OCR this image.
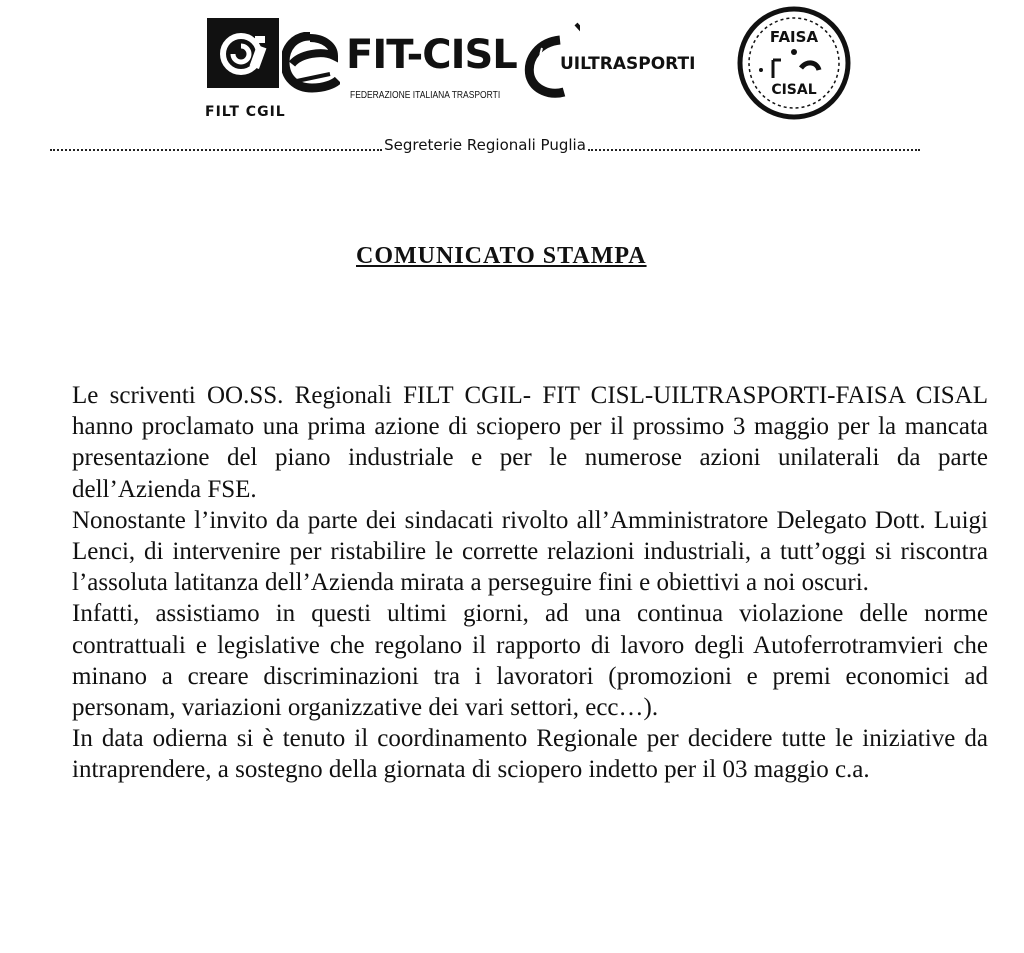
FILT CGIL
FIT-CISL
FEDERAZIONE ITALIANA TRASPORTI
UILTRASPORTI
FAISA
CISAL
Segreterie Regionali Puglia
COMUNICATO STAMPA

Le scriventi OO.SS. Regionali FILT CGIL- FIT CISL-UILTRASPORTI-FAISA CISAL hanno proclamato una prima azione di sciopero per il prossimo 3 maggio per la mancata presentazione del piano industriale e per le numerose azioni unilaterali da parte dell’Azienda FSE.

Nonostante l’invito da parte dei sindacati rivolto all’Amministratore Delegato Dott. Luigi Lenci, di intervenire per ristabilire le corrette relazioni industriali, a tutt’oggi si riscontra l’assoluta latitanza dell’Azienda mirata a perseguire fini e obiettivi a noi oscuri.

Infatti, assistiamo in questi ultimi giorni, ad una continua violazione delle norme contrattuali e legislative che regolano il rapporto di lavoro degli Autoferrotramvieri che minano a creare discriminazioni tra i lavoratori (promozioni e premi economici ad personam, variazioni organizzative dei vari settori, ecc…).

In data odierna si è tenuto il coordinamento Regionale per decidere tutte le iniziative da intraprendere, a sostegno della giornata di sciopero indetto per il 03 maggio c.a.
